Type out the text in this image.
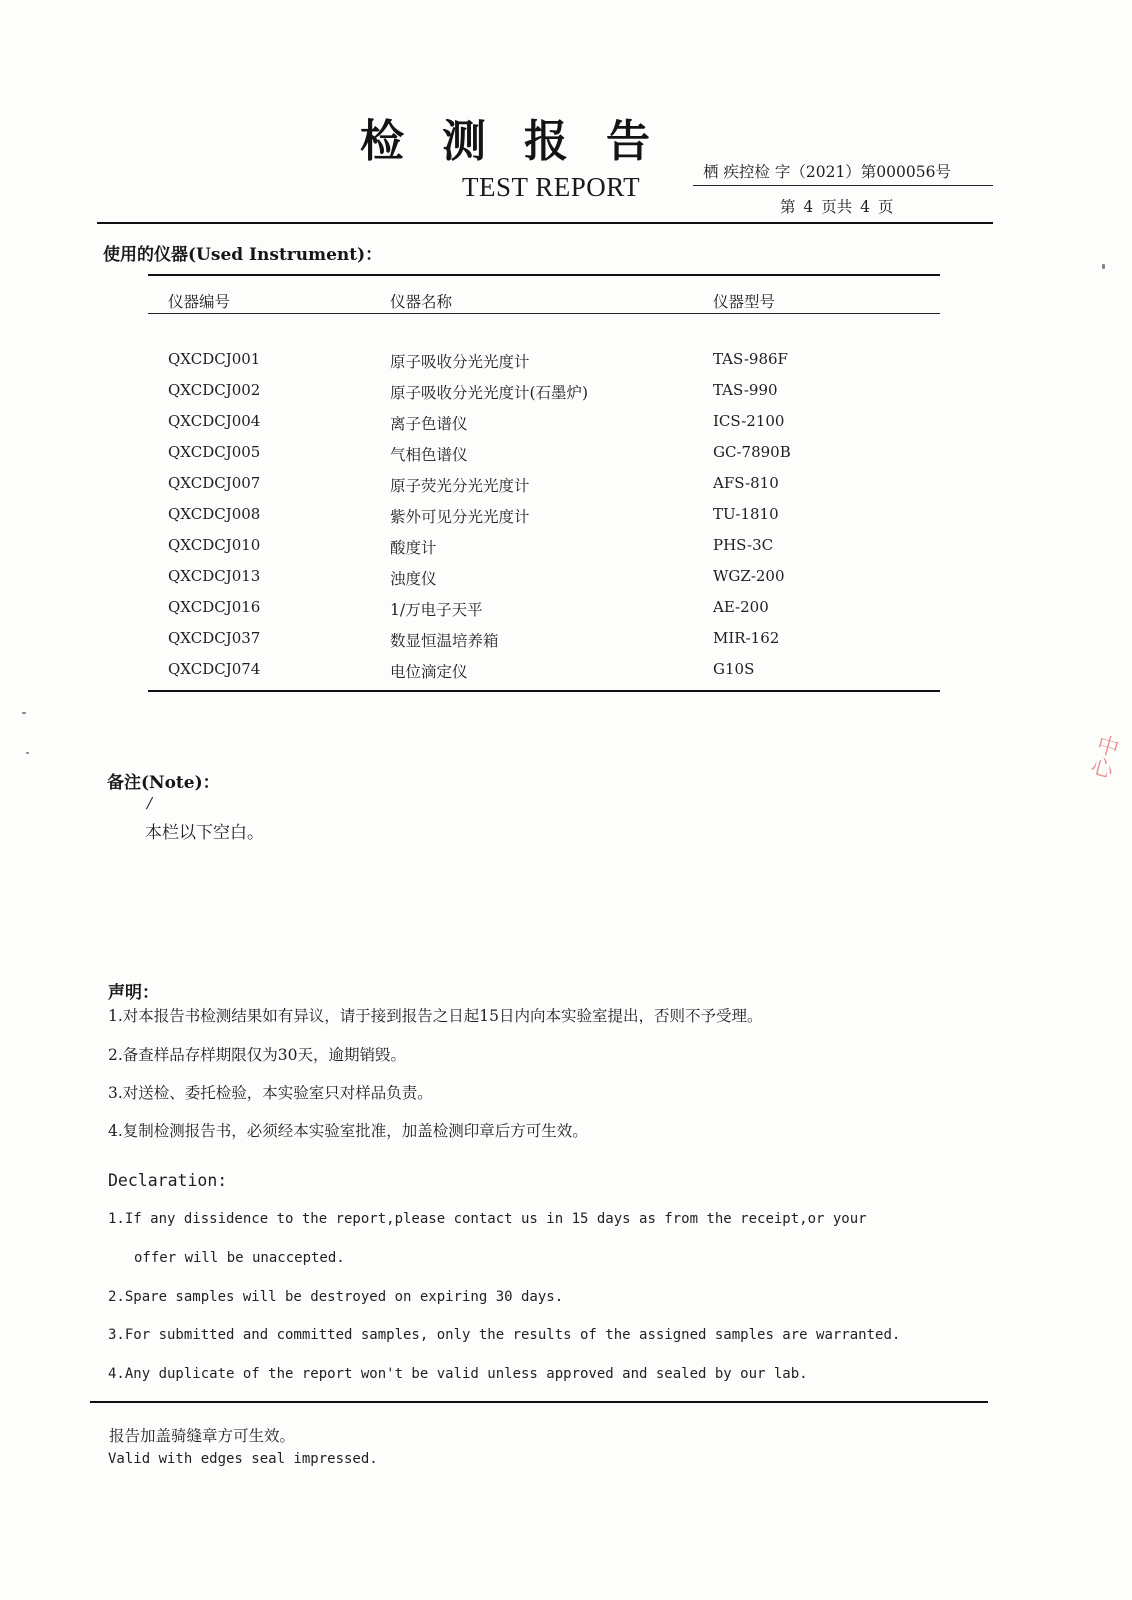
检测报告
TEST REPORT	栖 疾控检 字（2021）第000056号
第 4 页共 4 页
使用的仪器(Used Instrument)：
仪器编号	仪器名称	仪器型号
QXCDCJ001	原子吸收分光光度计	TAS-986F
QXCDCJ002	原子吸收分光光度计(石墨炉)	TAS-990
QXCDCJ004	离子色谱仪	ICS-2100
QXCDCJ005	气相色谱仪	GC-7890B
QXCDCJ007	原子荧光分光光度计	AFS-810
QXCDCJ008	紫外可见分光光度计	TU-1810
QXCDCJ010	酸度计	PHS-3C
QXCDCJ013	浊度仪	WGZ-200
QXCDCJ016	1/万电子天平	AE-200
QXCDCJ037	数显恒温培养箱	MIR-162
QXCDCJ074	电位滴定仪	G10S
备注(Note)：
/
本栏以下空白。
声明：
1.对本报告书检测结果如有异议，请于接到报告之日起15日内向本实验室提出，否则不予受理。
2.备查样品存样期限仅为30天，逾期销毁。
3.对送检、委托检验，本实验室只对样品负责。
4.复制检测报告书，必须经本实验室批准，加盖检测印章后方可生效。
Declaration:
1.If any dissidence to the report,please contact us in 15 days as from the receipt,or your
offer will be unaccepted.
2.Spare samples will be destroyed on expiring 30 days.
3.For submitted and committed samples, only the results of the assigned samples are warranted.
4.Any duplicate of the report won't be valid unless approved and sealed by our lab.
报告加盖骑缝章方可生效。
Valid with edges seal impressed.
中心
